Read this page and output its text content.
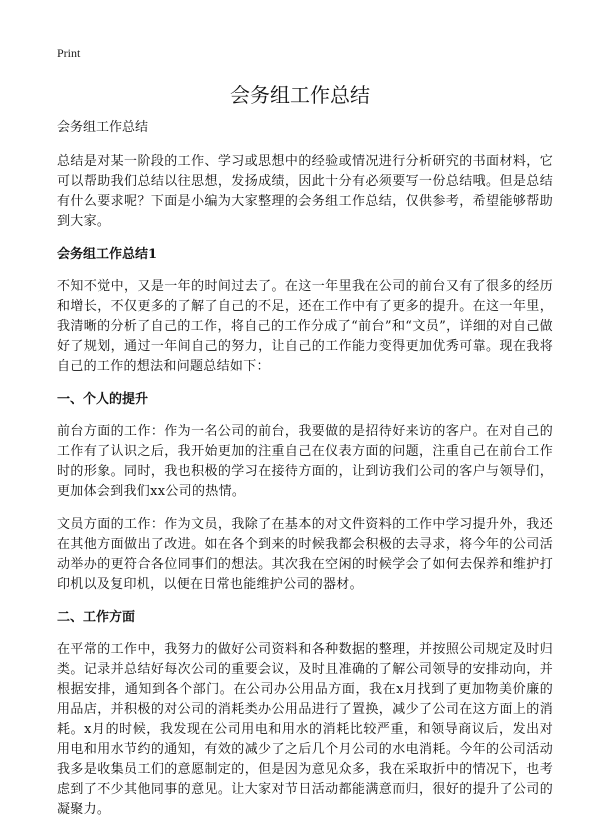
Print
会务组工作总结

会务组工作总结

总结是对某一阶段的工作、学习或思想中的经验或情况进行分析研究的书面材料，它可以帮助我们总结以往思想，发扬成绩，因此十分有必须要写一份总结哦。但是总结有什么要求呢？下面是小编为大家整理的会务组工作总结，仅供参考，希望能够帮助到大家。

会务组工作总结1

不知不觉中，又是一年的时间过去了。在这一年里我在公司的前台又有了很多的经历和增长，不仅更多的了解了自己的不足，还在工作中有了更多的提升。在这一年里，我清晰的分析了自己的工作，将自己的工作分成了“前台”和“文员”，详细的对自己做好了规划，通过一年间自己的努力，让自己的工作能力变得更加优秀可靠。现在我将自己的工作的想法和问题总结如下：

一、个人的提升

前台方面的工作：作为一名公司的前台，我要做的是招待好来访的客户。在对自己的工作有了认识之后，我开始更加的注重自己在仪表方面的问题，注重自己在前台工作时的形象。同时，我也积极的学习在接待方面的，让到访我们公司的客户与领导们，更加体会到我们xx公司的热情。

文员方面的工作：作为文员，我除了在基本的对文件资料的工作中学习提升外，我还在其他方面做出了改进。如在各个到来的时候我都会积极的去寻求，将今年的公司活动举办的更符合各位同事们的想法。其次我在空闲的时候学会了如何去保养和维护打印机以及复印机，以便在日常也能维护公司的器材。

二、工作方面

在平常的工作中，我努力的做好公司资料和各种数据的整理，并按照公司规定及时归类。记录并总结好每次公司的重要会议，及时且准确的了解公司领导的安排动向，并根据安排，通知到各个部门。在公司办公用品方面，我在x月找到了更加物美价廉的用品店，并积极的对公司的消耗类办公用品进行了置换，减少了公司在这方面上的消耗。x月的时候，我发现在公司用电和用水的消耗比较严重，和领导商议后，发出对用电和用水节约的通知，有效的减少了之后几个月公司的水电消耗。今年的公司活动我多是收集员工们的意愿制定的，但是因为意见众多，我在采取折中的情况下，也考虑到了不少其他同事的意见。让大家对节日活动都能满意而归，很好的提升了公司的凝聚力。
